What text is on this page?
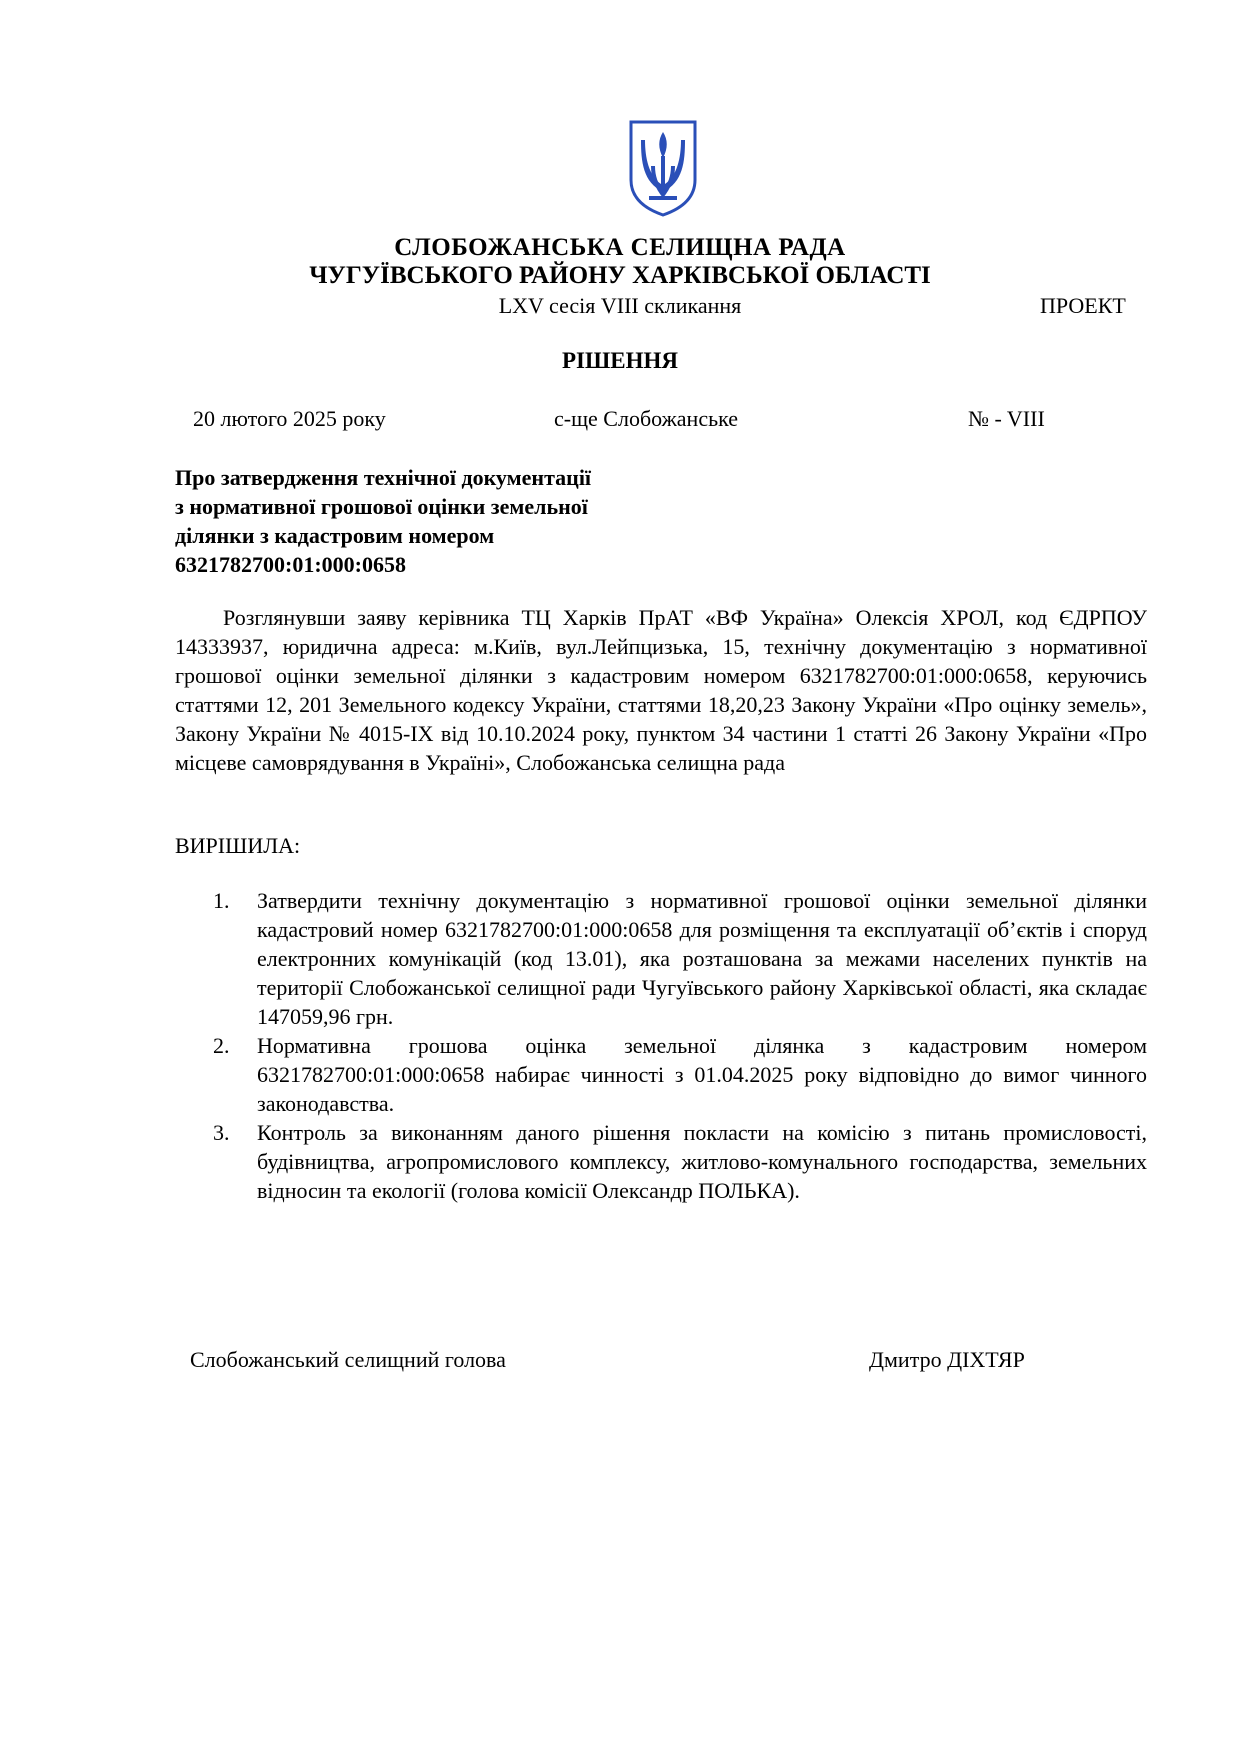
СЛОБОЖАНСЬКА СЕЛИЩНА РАДА
ЧУГУЇВСЬКОГО РАЙОНУ ХАРКІВСЬКОЇ ОБЛАСТІ
LXV сесія VIII скликання	ПРОЕКТ
РІШЕННЯ
20 лютого 2025 року	с-ще Слобожанське	№ - VIII
Про затвердження технічної документації
з нормативної грошової оцінки земельної
ділянки з кадастровим номером
6321782700:01:000:0658

Розглянувши заяву керівника ТЦ Харків ПрАТ «ВФ Україна» Олексія ХРОЛ, код ЄДРПОУ 14333937, юридична адреса: м.Київ, вул.Лейпцизька, 15, технічну документацію з нормативної грошової оцінки земельної ділянки з кадастровим номером 6321782700:01:000:0658, керуючись статтями 12, 201 Земельного кодексу України, статтями 18,20,23 Закону України «Про оцінку земель», Закону України № 4015-IX від 10.10.2024 року, пунктом 34 частини 1 статті 26 Закону України «Про місцеве самоврядування в Україні», Слобожанська селищна рада

ВИРІШИЛА:
1. Затвердити технічну документацію з нормативної грошової оцінки земельної ділянки кадастровий номер 6321782700:01:000:0658 для розміщення та експлуатації об’єктів і споруд електронних комунікацій (код 13.01), яка розташована за межами населених пунктів на території Слобожанської селищної ради Чугуївського району Харківської області, яка складає 147059,96 грн.
2. Нормативна грошова оцінка земельної ділянка з кадастровим номером 6321782700:01:000:0658 набирає чинності з 01.04.2025 року відповідно до вимог чинного законодавства.
3. Контроль за виконанням даного рішення покласти на комісію з питань промисловості, будівництва, агропромислового комплексу, житлово-комунального господарства, земельних відносин та екології (голова комісії Олександр ПОЛЬКА).
Слобожанський селищний голова	Дмитро ДІХТЯР
